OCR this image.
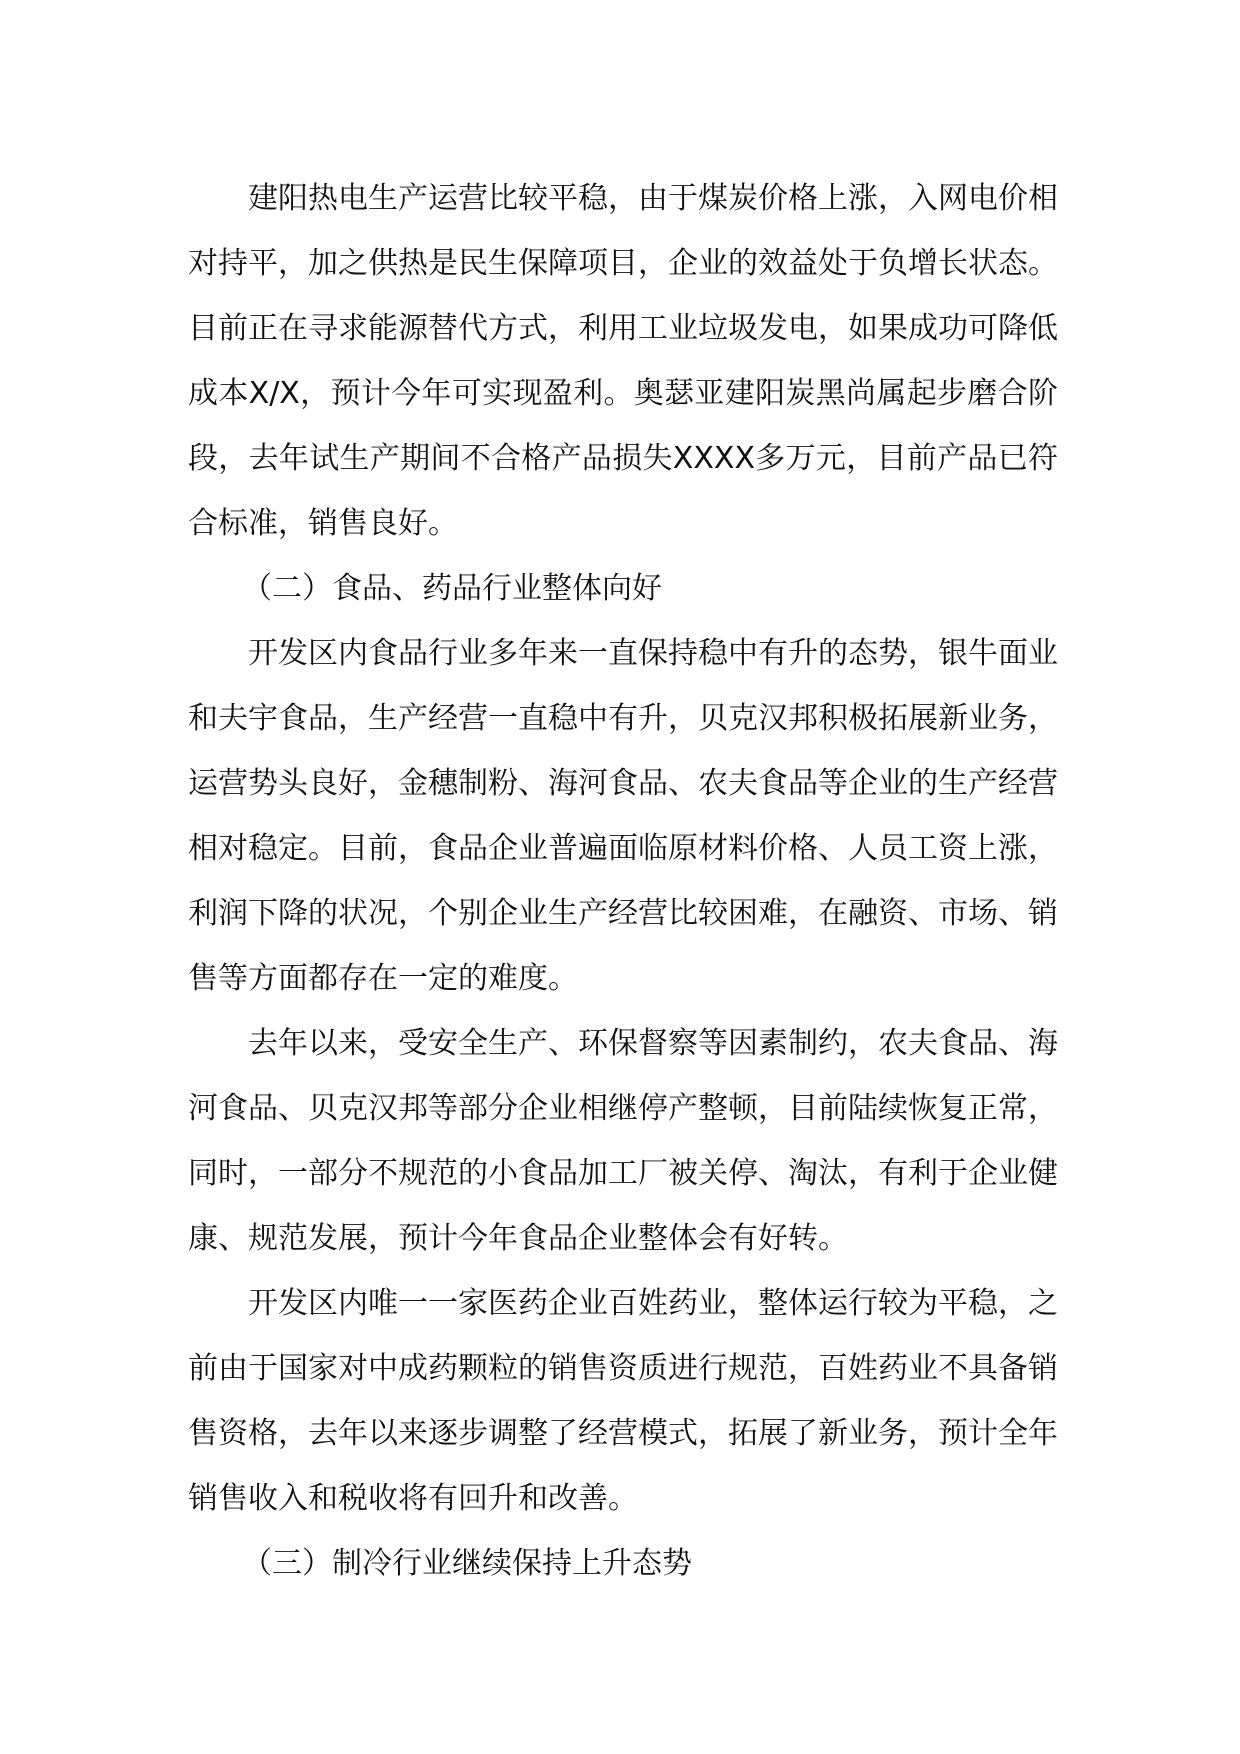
建阳热电生产运营比较平稳，由于煤炭价格上涨，入网电价相对持平，加之供热是民生保障项目，企业的效益处于负增长状态。目前正在寻求能源替代方式，利用工业垃圾发电，如果成功可降低成本X/X，预计今年可实现盈利。奥瑟亚建阳炭黑尚属起步磨合阶段，去年试生产期间不合格产品损失XXXX多万元，目前产品已符合标准，销售良好。

（二）食品、药品行业整体向好

开发区内食品行业多年来一直保持稳中有升的态势，银牛面业和夫宇食品，生产经营一直稳中有升，贝克汉邦积极拓展新业务，运营势头良好，金穗制粉、海河食品、农夫食品等企业的生产经营相对稳定。目前，食品企业普遍面临原材料价格、人员工资上涨，利润下降的状况，个别企业生产经营比较困难，在融资、市场、销售等方面都存在一定的难度。

去年以来，受安全生产、环保督察等因素制约，农夫食品、海河食品、贝克汉邦等部分企业相继停产整顿，目前陆续恢复正常，同时，一部分不规范的小食品加工厂被关停、淘汰，有利于企业健康、规范发展，预计今年食品企业整体会有好转。

开发区内唯一一家医药企业百姓药业，整体运行较为平稳，之前由于国家对中成药颗粒的销售资质进行规范，百姓药业不具备销售资格，去年以来逐步调整了经营模式，拓展了新业务，预计全年销售收入和税收将有回升和改善。

（三）制冷行业继续保持上升态势
